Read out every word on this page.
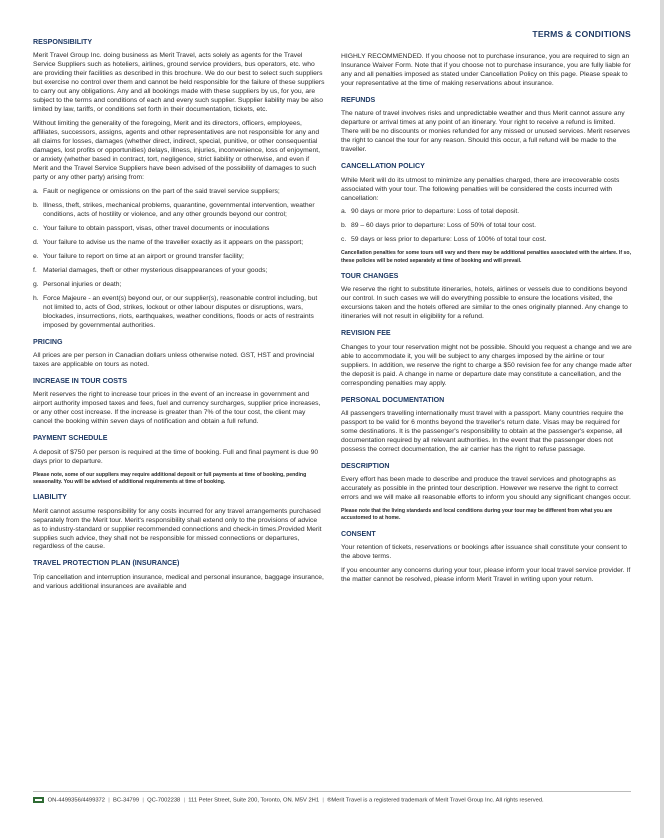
TERMS & CONDITIONS
RESPONSIBILITY

Merit Travel Group Inc. doing business as Merit Travel, acts solely as agents for the Travel Service Suppliers such as hoteliers, airlines, ground service providers, bus operators, etc. who are providing their facilities as described in this brochure. We do our best to select such suppliers but exercise no control over them and cannot be held responsible for the failure of these suppliers to carry out any obligations. Any and all bookings made with these suppliers by us, for you, are subject to the terms and conditions of each and every such supplier. Supplier liability may be also limited by law, tariffs, or conditions set forth in their documentation, tickets, etc.

Without limiting the generality of the foregoing, Merit and its directors, officers, employees, affiliates, successors, assigns, agents and other representatives are not responsible for any and all claims for losses, damages (whether direct, indirect, special, punitive, or other consequential damages, lost profits or opportunities) delays, illness, injuries, inconvenience, loss of enjoyment, or anxiety (whether based in contract, tort, negligence, strict liability or otherwise, and even if Merit and the Travel Service Suppliers have been advised of the possibility of damages to such party or any other party) arising from:

a. Fault or negligence or omissions on the part of the said travel service suppliers;
b. Illness, theft, strikes, mechanical problems, quarantine, governmental intervention, weather conditions, acts of hostility or violence, and any other grounds beyond our control;
c. Your failure to obtain passport, visas, other travel documents or inoculations
d. Your failure to advise us the name of the traveller exactly as it appears on the passport;
e. Your failure to report on time at an airport or ground transfer facility;
f. Material damages, theft or other mysterious disappearances of your goods;
g. Personal injuries or death;
h. Force Majeure - an event(s) beyond our, or our supplier(s), reasonable control including, but not limited to, acts of God, strikes, lockout or other labour disputes or disruptions, wars, blockades, insurrections, riots, earthquakes, weather conditions, floods or acts of restraints imposed by governmental authorities.
PRICING

All prices are per person in Canadian dollars unless otherwise noted. GST, HST and provincial taxes are applicable on tours as noted.

INCREASE IN TOUR COSTS

Merit reserves the right to increase tour prices in the event of an increase in government and airport authority imposed taxes and fees, fuel and currency surcharges, supplier price increases, or any other cost increase. If the increase is greater than 7% of the tour cost, the client may cancel the booking within seven days of notification and obtain a full refund.

PAYMENT SCHEDULE

A deposit of $750 per person is required at the time of booking. Full and final payment is due 90 days prior to departure.

Please note, some of our suppliers may require additional deposit or full payments at time of booking, pending seasonality. You will be advised of additional requirements at time of booking.

LIABILITY

Merit cannot assume responsibility for any costs incurred for any travel arrangements purchased separately from the Merit tour. Merit's responsibility shall extend only to the provisions of advice as to industry-standard or supplier recommended connections and check-in times.Provided Merit supplies such advice, they shall not be responsible for missed connections or departures, regardless of the cause.

TRAVEL PROTECTION PLAN (INSURANCE)

Trip cancellation and interruption insurance, medical and personal insurance, baggage insurance, and various additional insurances are available and

HIGHLY RECOMMENDED. If you choose not to purchase insurance, you are required to sign an Insurance Waiver Form. Note that if you choose not to purchase insurance, you are fully liable for any and all penalties imposed as stated under Cancellation Policy on this page. Please speak to your representative at the time of making reservations about insurance.

REFUNDS

The nature of travel involves risks and unpredictable weather and thus Merit cannot assure any departure or arrival times at any point of an itinerary. Your right to receive a refund is limited. There will be no discounts or monies refunded for any missed or unused services. Merit reserves the right to cancel the tour for any reason. Should this occur, a full refund will be made to the traveller.

CANCELLATION POLICY

While Merit will do its utmost to minimize any penalties charged, there are irrecoverable costs associated with your tour. The following penalties will be considered the costs incurred with cancellation:

a. 90 days or more prior to departure: Loss of total deposit.
b. 89 – 60 days prior to departure: Loss of 50% of total tour cost.
c. 59 days or less prior to departure: Loss of 100% of total tour cost.

Cancellation penalties for some tours will vary and there may be additional penalties associated with the airfare. If so, these policies will be noted separately at time of booking and will prevail.

TOUR CHANGES

We reserve the right to substitute itineraries, hotels, airlines or vessels due to conditions beyond our control. In such cases we will do everything possible to ensure the locations visited, the excursions taken and the hotels offered are similar to the ones originally planned. Any change to itineraries will not result in eligibility for a refund.

REVISION FEE

Changes to your tour reservation might not be possible. Should you request a change and we are able to accommodate it, you will be subject to any charges imposed by the airline or tour suppliers. In addition, we reserve the right to charge a $50 revision fee for any change made after the deposit is paid. A change in name or departure date may constitute a cancellation, and the corresponding penalties may apply.

PERSONAL DOCUMENTATION

All passengers travelling internationally must travel with a passport. Many countries require the passport to be valid for 6 months beyond the traveller's return date. Visas may be required for some destinations. It is the passenger's responsibility to obtain at the passenger's expense, all documentation required by all relevant authorities. In the event that the passenger does not possess the correct documentation, the air carrier has the right to refuse passage.

DESCRIPTION

Every effort has been made to describe and produce the travel services and photographs as accurately as possible in the printed tour description. However we reserve the right to correct errors and we will make all reasonable efforts to inform you should any significant changes occur.

Please note that the living standards and local conditions during your tour may be different from what you are accustomed to at home.

CONSENT

Your retention of tickets, reservations or bookings after issuance shall constitute your consent to the above terms.

If you encounter any concerns during your tour, please inform your local travel service provider. If the matter cannot be resolved, please inform Merit Travel in writing upon your return.

ON-4499356/4499372  |  BC-34799  |  QC-7002238  |  111 Peter Street, Suite 200, Toronto, ON. M5V 2H1  |  ®Merit Travel is a registered trademark of Merit Travel Group Inc. All rights reserved.
